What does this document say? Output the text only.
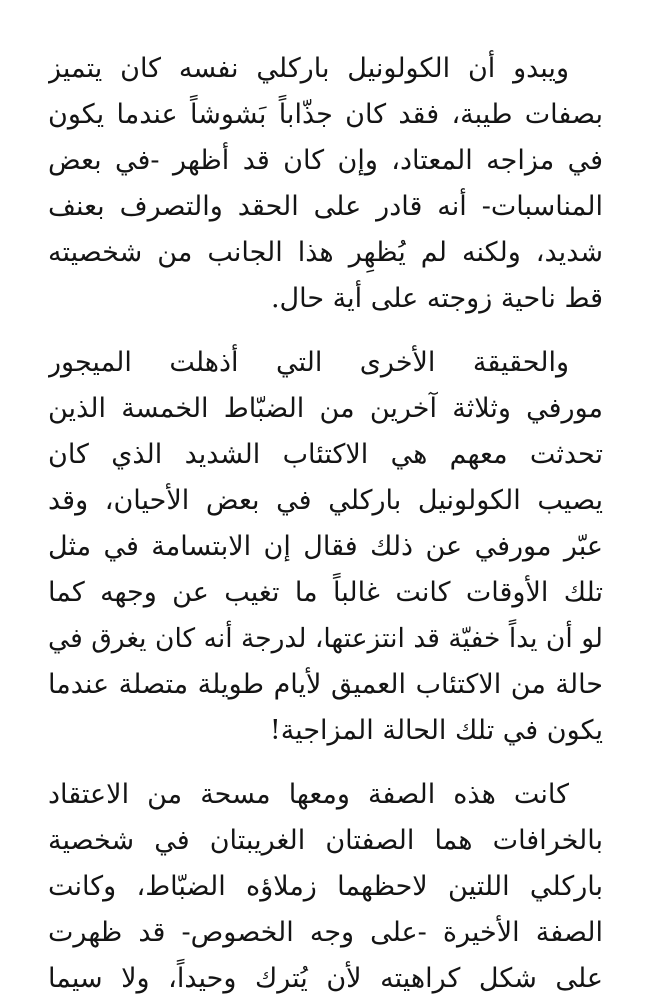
ويبدو أن الكولونيل باركلي نفسه كان يتميز
بصفات طيبة، فقد كان جذّاباً بَشوشاً عندما يكون
في مزاجه المعتاد، وإن كان قد أظهر -في بعض
المناسبات- أنه قادر على الحقد والتصرف بعنف
شديد، ولكنه لم يُظهِر هذا الجانب من شخصيته
قط ناحية زوجته على أية حال.
والحقيقة الأخرى التي أذهلت الميجور
مورفي وثلاثة آخرين من الضبّاط الخمسة الذين
تحدثت معهم هي الاكتئاب الشديد الذي كان
يصيب الكولونيل باركلي في بعض الأحيان، وقد
عبّر مورفي عن ذلك فقال إن الابتسامة في مثل
تلك الأوقات كانت غالباً ما تغيب عن وجهه كما
لو أن يداً خفيّة قد انتزعتها، لدرجة أنه كان يغرق في
حالة من الاكتئاب العميق لأيام طويلة متصلة عندما
يكون في تلك الحالة المزاجية!
كانت هذه الصفة ومعها مسحة من الاعتقاد
بالخرافات هما الصفتان الغريبتان في شخصية
باركلي اللتين لاحظهما زملاؤه الضبّاط، وكانت
الصفة الأخيرة -على وجه الخصوص- قد ظهرت
على شكل كراهيته لأن يُترك وحيداً، ولا سيما
